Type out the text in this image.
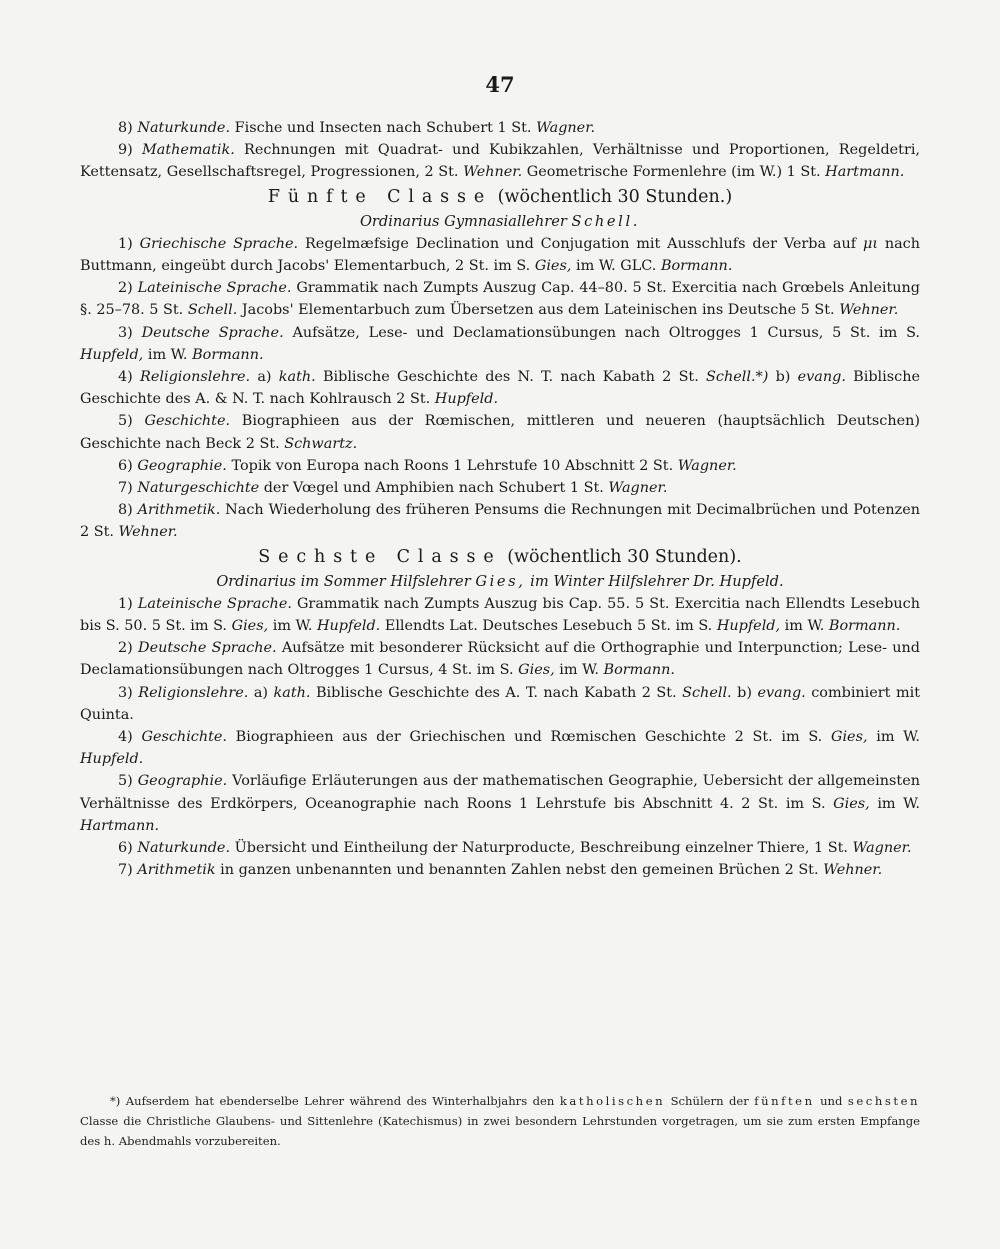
47

8) Naturkunde. Fische und Insecten nach Schubert 1 St. Wagner.

9) Mathematik. Rechnungen mit Quadrat- und Kubikzahlen, Verhältnisse und Proportionen, Regeldetri, Kettensatz, Gesellschaftsregel, Progressionen, 2 St. Wehner. Geometrische Formenlehre (im W.) 1 St. Hartmann.

Fünfte Classe (wöchentlich 30 Stunden.)

Ordinarius Gymnasiallehrer Schell.

1) Griechische Sprache. Regelmæfsige Declination und Conjugation mit Ausschlufs der Verba auf μι nach Buttmann, eingeübt durch Jacobs' Elementarbuch, 2 St. im S. Gies, im W. GLC. Bormann.

2) Lateinische Sprache. Grammatik nach Zumpts Auszug Cap. 44–80. 5 St. Exercitia nach Grœbels Anleitung §. 25–78. 5 St. Schell. Jacobs' Elementarbuch zum Übersetzen aus dem Lateinischen ins Deutsche 5 St. Wehner.

3) Deutsche Sprache. Aufsätze, Lese- und Declamationsübungen nach Oltrogges 1 Cursus, 5 St. im S. Hupfeld, im W. Bormann.

4) Religionslehre. a) kath. Biblische Geschichte des N. T. nach Kabath 2 St. Schell.*) b) evang. Biblische Geschichte des A. & N. T. nach Kohlrausch 2 St. Hupfeld.

5) Geschichte. Biographieen aus der Rœmischen, mittleren und neueren (hauptsächlich Deutschen) Geschichte nach Beck 2 St. Schwartz.

6) Geographie. Topik von Europa nach Roons 1 Lehrstufe 10 Abschnitt 2 St. Wagner.

7) Naturgeschichte der Vœgel und Amphibien nach Schubert 1 St. Wagner.

8) Arithmetik. Nach Wiederholung des früheren Pensums die Rechnungen mit Decimalbrüchen und Potenzen 2 St. Wehner.

Sechste Classe (wöchentlich 30 Stunden).

Ordinarius im Sommer Hilfslehrer Gies, im Winter Hilfslehrer Dr. Hupfeld.

1) Lateinische Sprache. Grammatik nach Zumpts Auszug bis Cap. 55. 5 St. Exercitia nach Ellendts Lesebuch bis S. 50. 5 St. im S. Gies, im W. Hupfeld. Ellendts Lat. Deutsches Lesebuch 5 St. im S. Hupfeld, im W. Bormann.

2) Deutsche Sprache. Aufsätze mit besonderer Rücksicht auf die Orthographie und Interpunction; Lese- und Declamationsübungen nach Oltrogges 1 Cursus, 4 St. im S. Gies, im W. Bormann.

3) Religionslehre. a) kath. Biblische Geschichte des A. T. nach Kabath 2 St. Schell. b) evang. combiniert mit Quinta.

4) Geschichte. Biographieen aus der Griechischen und Rœmischen Geschichte 2 St. im S. Gies, im W. Hupfeld.

5) Geographie. Vorläufige Erläuterungen aus der mathematischen Geographie, Uebersicht der allgemeinsten Verhältnisse des Erdkörpers, Oceanographie nach Roons 1 Lehrstufe bis Abschnitt 4. 2 St. im S. Gies, im W. Hartmann.

6) Naturkunde. Übersicht und Eintheilung der Naturproducte, Beschreibung einzelner Thiere, 1 St. Wagner.

7) Arithmetik in ganzen unbenannten und benannten Zahlen nebst den gemeinen Brüchen 2 St. Wehner.

*) Aufserdem hat ebenderselbe Lehrer während des Winterhalbjahrs den katholischen Schülern der fünften und sechsten Classe die Christliche Glaubens- und Sittenlehre (Katechismus) in zwei besondern Lehrstunden vorgetragen, um sie zum ersten Empfange des h. Abendmahls vorzubereiten.
